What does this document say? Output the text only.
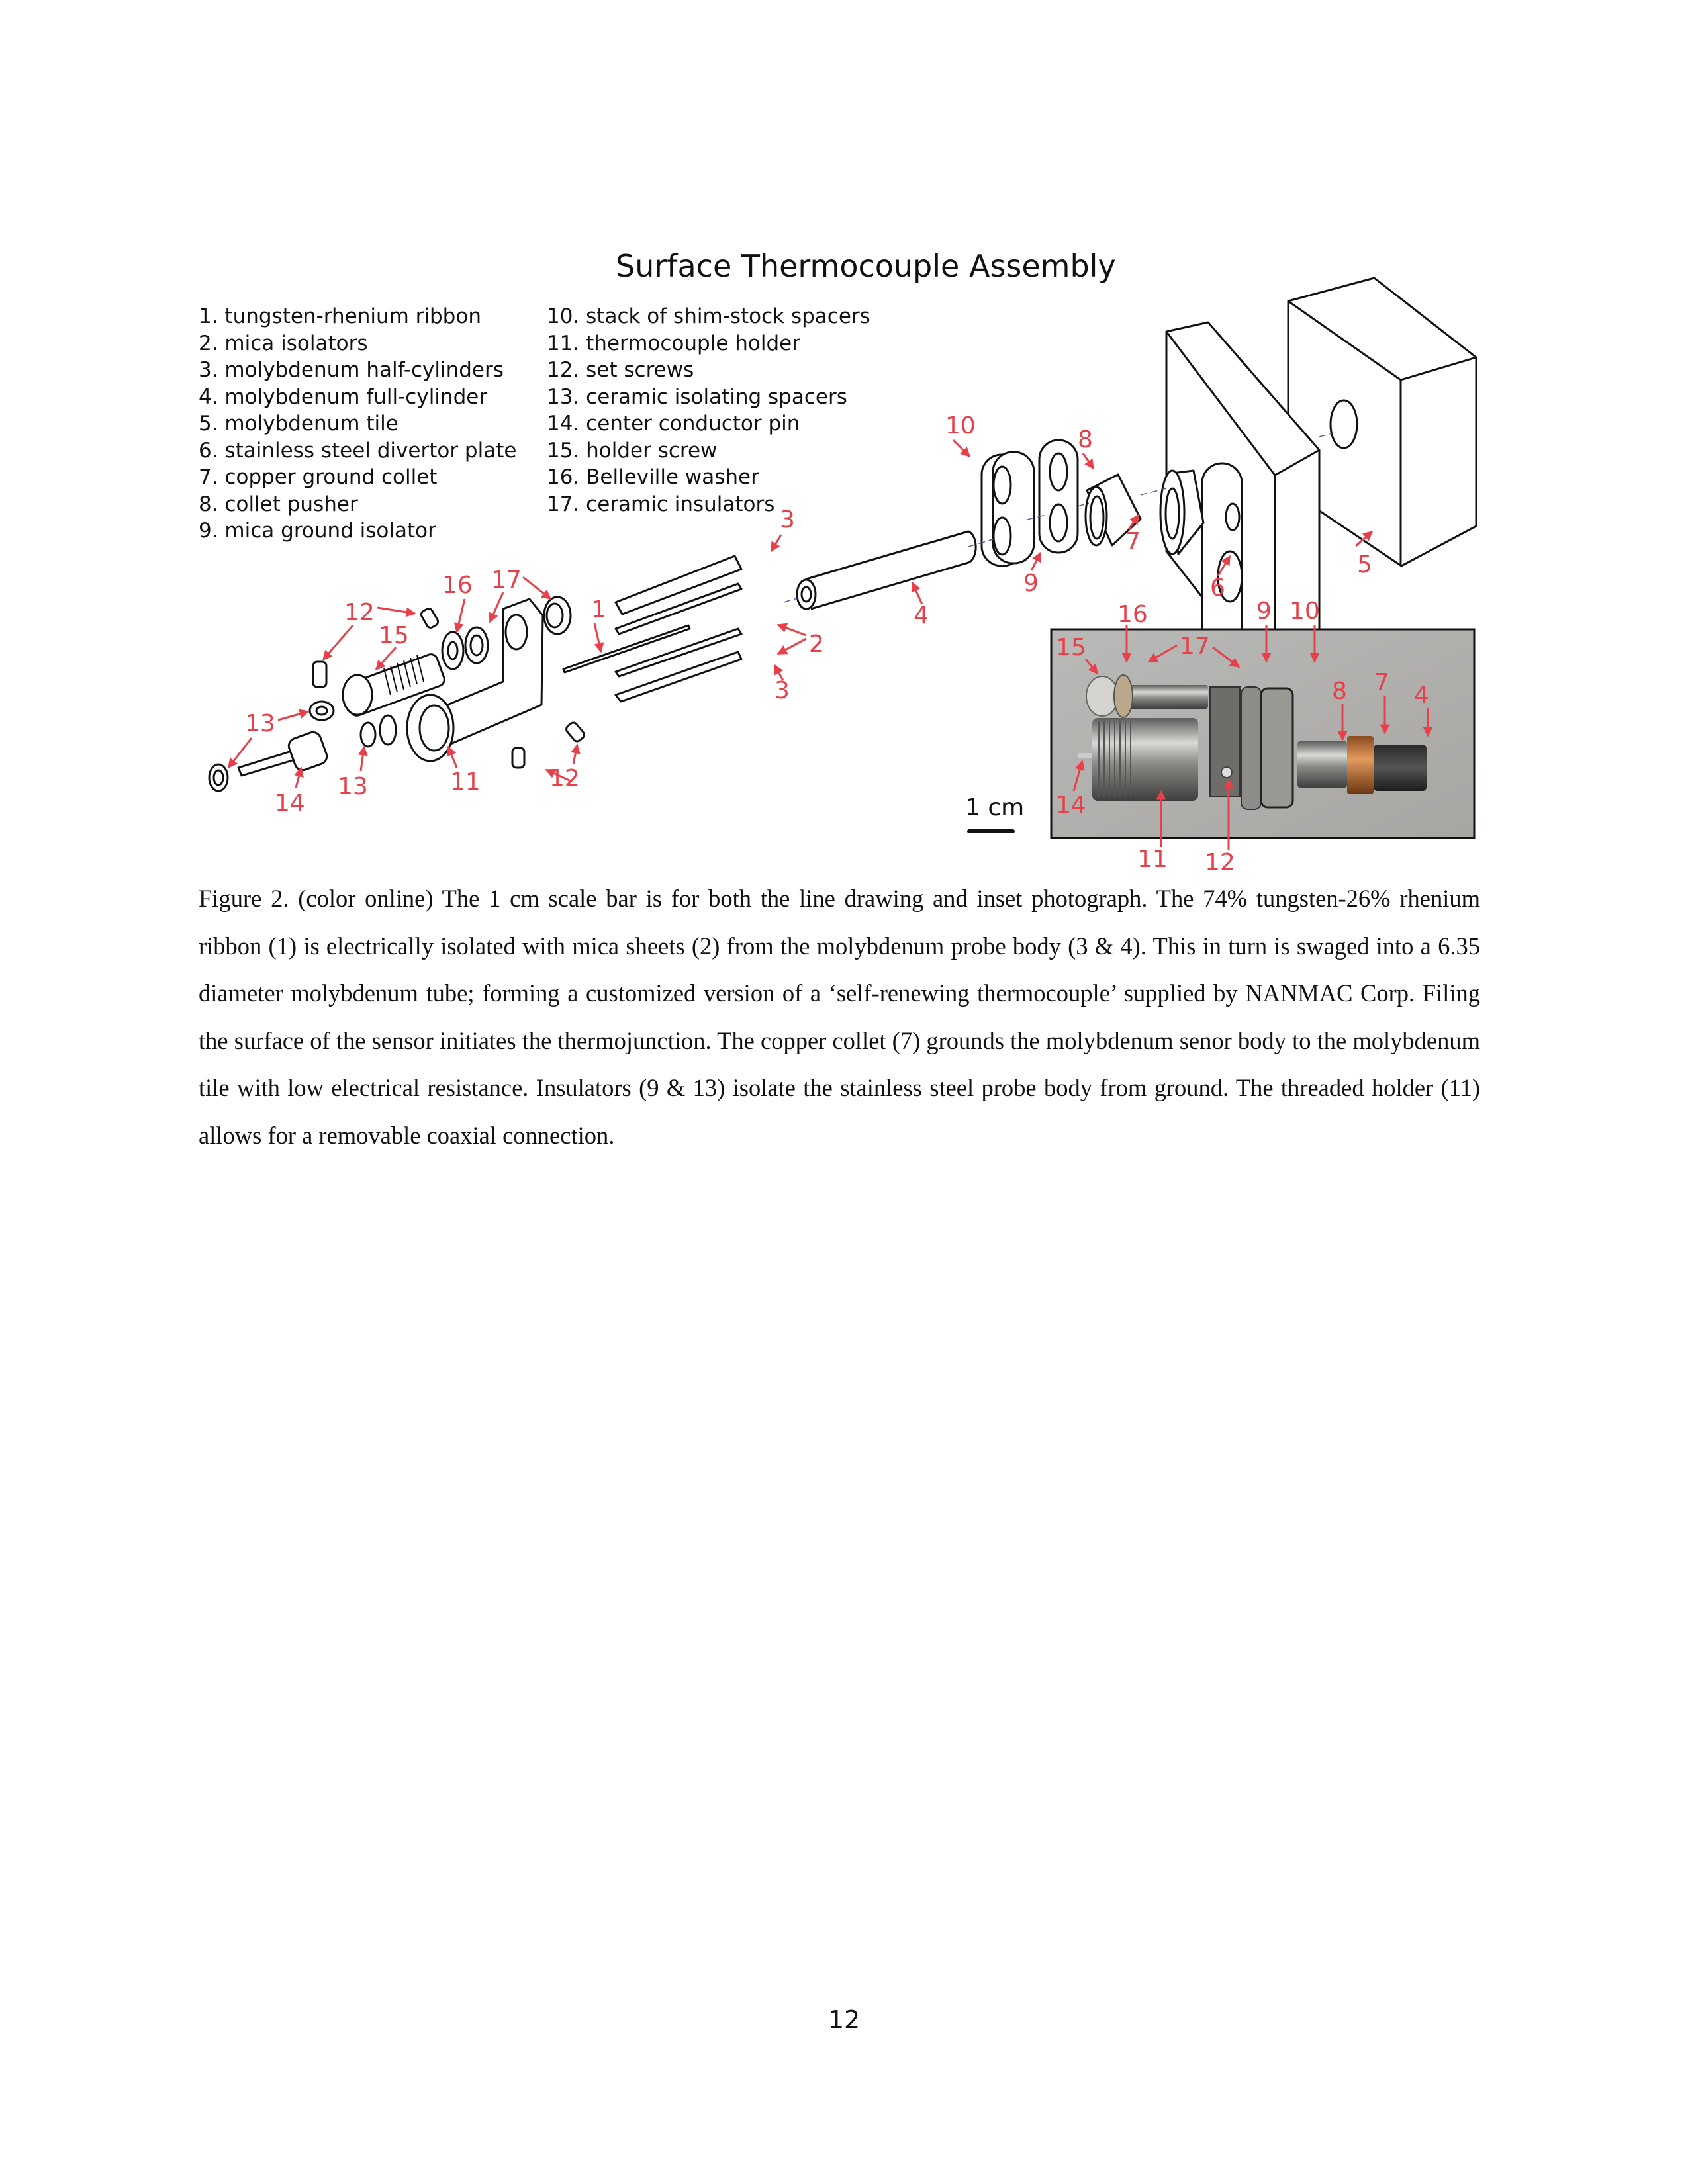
1
2
3
3
4
5
6
7
8
9
10
11
12
12
13
13
14
15
16 17
4
7
8
9 10
11 12
14
15
16
17
Surface Thermocouple Assembly
1. tungsten-rhenium ribbon
2. mica isolators
3. molybdenum half-cylinders
4. molybdenum full-cylinder
5. molybdenum tile
6. stainless steel divertor plate
7. copper ground collet
8. collet pusher
9. mica ground isolator
10. stack of shim-stock spacers
11. thermocouple holder
12. set screws
13. ceramic isolating spacers
14. center conductor pin
15. holder screw
16. Belleville washer
17. ceramic insulators
1 cm
Figure 2. (color online) The 1 cm scale bar is for both the line drawing and inset photograph. The 74% tungsten-26% rhenium ribbon (1) is electrically isolated with mica sheets (2) from the molybdenum probe body (3 & 4). This in turn is swaged into a 6.35 diameter molybdenum tube; forming a customized version of a ‘self-renewing thermocouple’ supplied by NANMAC Corp. Filing the surface of the sensor initiates the thermojunction. The copper collet (7) grounds the molybdenum senor body to the molybdenum tile with low electrical resistance. Insulators (9 & 13) isolate the stainless steel probe body from ground. The threaded holder (11) allows for a removable coaxial connection.
12
